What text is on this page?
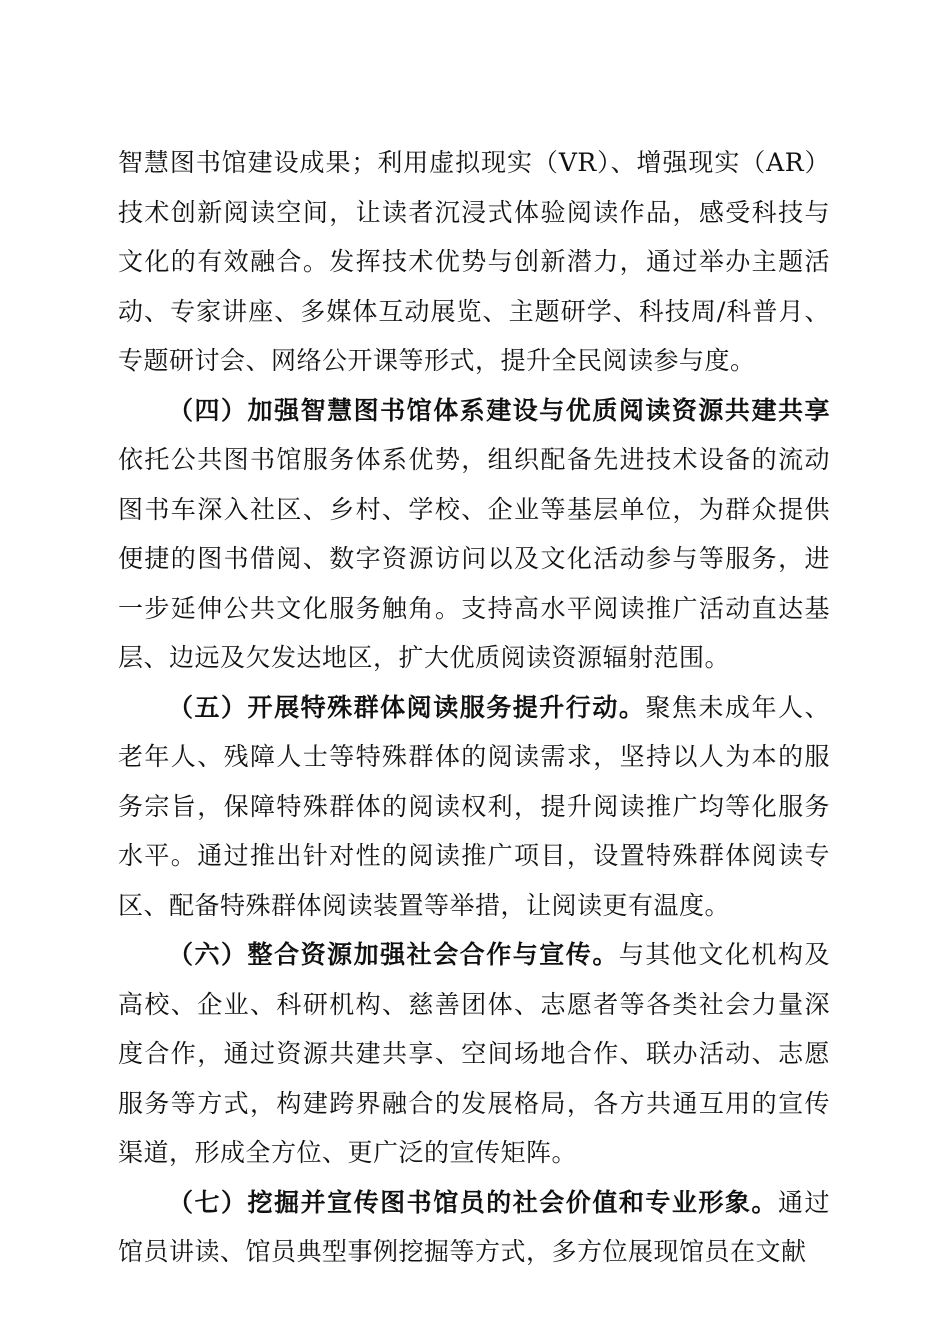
智慧图书馆建设成果；利用虚拟现实（VR）、增强现实（AR）技术创新阅读空间，让读者沉浸式体验阅读作品，感受科技与文化的有效融合。发挥技术优势与创新潜力，通过举办主题活动、专家讲座、多媒体互动展览、主题研学、科技周/科普月、专题研讨会、网络公开课等形式，提升全民阅读参与度。

（四）加强智慧图书馆体系建设与优质阅读资源共建共享依托公共图书馆服务体系优势，组织配备先进技术设备的流动图书车深入社区、乡村、学校、企业等基层单位，为群众提供便捷的图书借阅、数字资源访问以及文化活动参与等服务，进一步延伸公共文化服务触角。支持高水平阅读推广活动直达基层、边远及欠发达地区，扩大优质阅读资源辐射范围。

（五）开展特殊群体阅读服务提升行动。聚焦未成年人、老年人、残障人士等特殊群体的阅读需求，坚持以人为本的服务宗旨，保障特殊群体的阅读权利，提升阅读推广均等化服务水平。通过推出针对性的阅读推广项目，设置特殊群体阅读专区、配备特殊群体阅读装置等举措，让阅读更有温度。

（六）整合资源加强社会合作与宣传。与其他文化机构及高校、企业、科研机构、慈善团体、志愿者等各类社会力量深度合作，通过资源共建共享、空间场地合作、联办活动、志愿服务等方式，构建跨界融合的发展格局，各方共通互用的宣传渠道，形成全方位、更广泛的宣传矩阵。

（七）挖掘并宣传图书馆员的社会价值和专业形象。通过馆员讲读、馆员典型事例挖掘等方式，多方位展现馆员在文献
